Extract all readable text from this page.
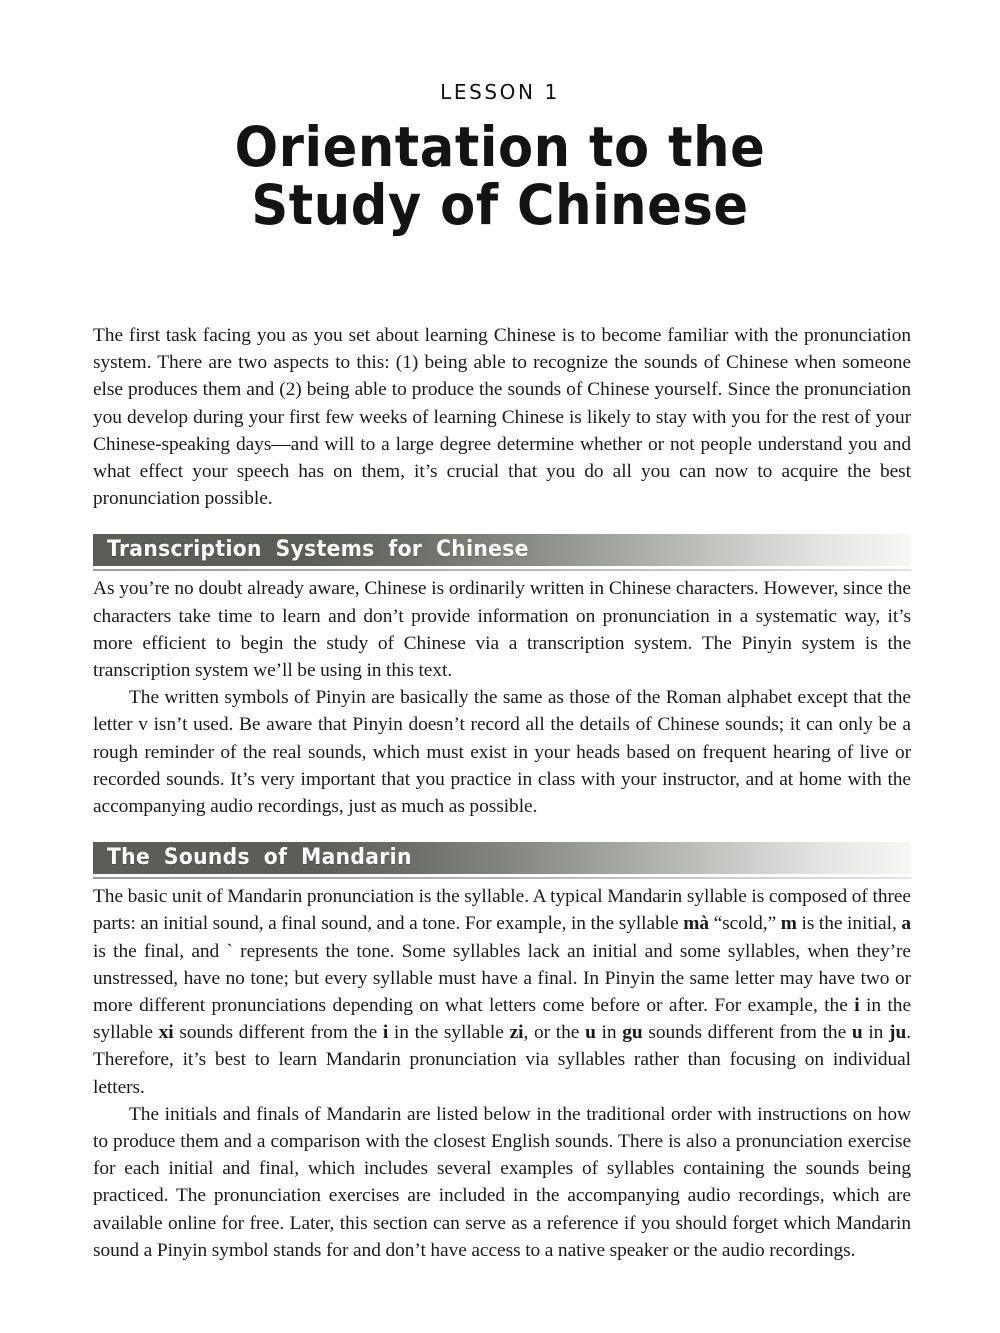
LESSON 1
Orientation to the
Study of Chinese

The first task facing you as you set about learning Chinese is to become familiar with the pronunciation system. There are two aspects to this: (1) being able to recognize the sounds of Chinese when someone else produces them and (2) being able to produce the sounds of Chinese yourself. Since the pronunciation you develop during your first few weeks of learning Chinese is likely to stay with you for the rest of your Chinese-speaking days—and will to a large degree determine whether or not people understand you and what effect your speech has on them, it’s crucial that you do all you can now to acquire the best pronunciation possible.

Transcription Systems for Chinese

As you’re no doubt already aware, Chinese is ordinarily written in Chinese characters. However, since the characters take time to learn and don’t provide information on pronunciation in a systematic way, it’s more efficient to begin the study of Chinese via a transcription system. The Pinyin system is the transcription system we’ll be using in this text.

The written symbols of Pinyin are basically the same as those of the Roman alphabet except that the letter v isn’t used. Be aware that Pinyin doesn’t record all the details of Chinese sounds; it can only be a rough reminder of the real sounds, which must exist in your heads based on frequent hearing of live or recorded sounds. It’s very important that you practice in class with your instructor, and at home with the accompanying audio recordings, just as much as possible.

The Sounds of Mandarin

The basic unit of Mandarin pronunciation is the syllable. A typical Mandarin syllable is composed of three parts: an initial sound, a final sound, and a tone. For example, in the syllable mà “scold,” m is the initial, a is the final, and ` represents the tone. Some syllables lack an initial and some syllables, when they’re unstressed, have no tone; but every syllable must have a final. In Pinyin the same letter may have two or more different pronunciations depending on what letters come before or after. For example, the i in the syllable xi sounds different from the i in the syllable zi, or the u in gu sounds different from the u in ju. Therefore, it’s best to learn Mandarin pronunciation via syllables rather than focusing on individual letters.

The initials and finals of Mandarin are listed below in the traditional order with instructions on how to produce them and a comparison with the closest English sounds. There is also a pronunciation exercise for each initial and final, which includes several examples of syllables containing the sounds being practiced. The pronunciation exercises are included in the accompanying audio recordings, which are available online for free. Later, this section can serve as a reference if you should forget which Mandarin sound a Pinyin symbol stands for and don’t have access to a native speaker or the audio recordings.
